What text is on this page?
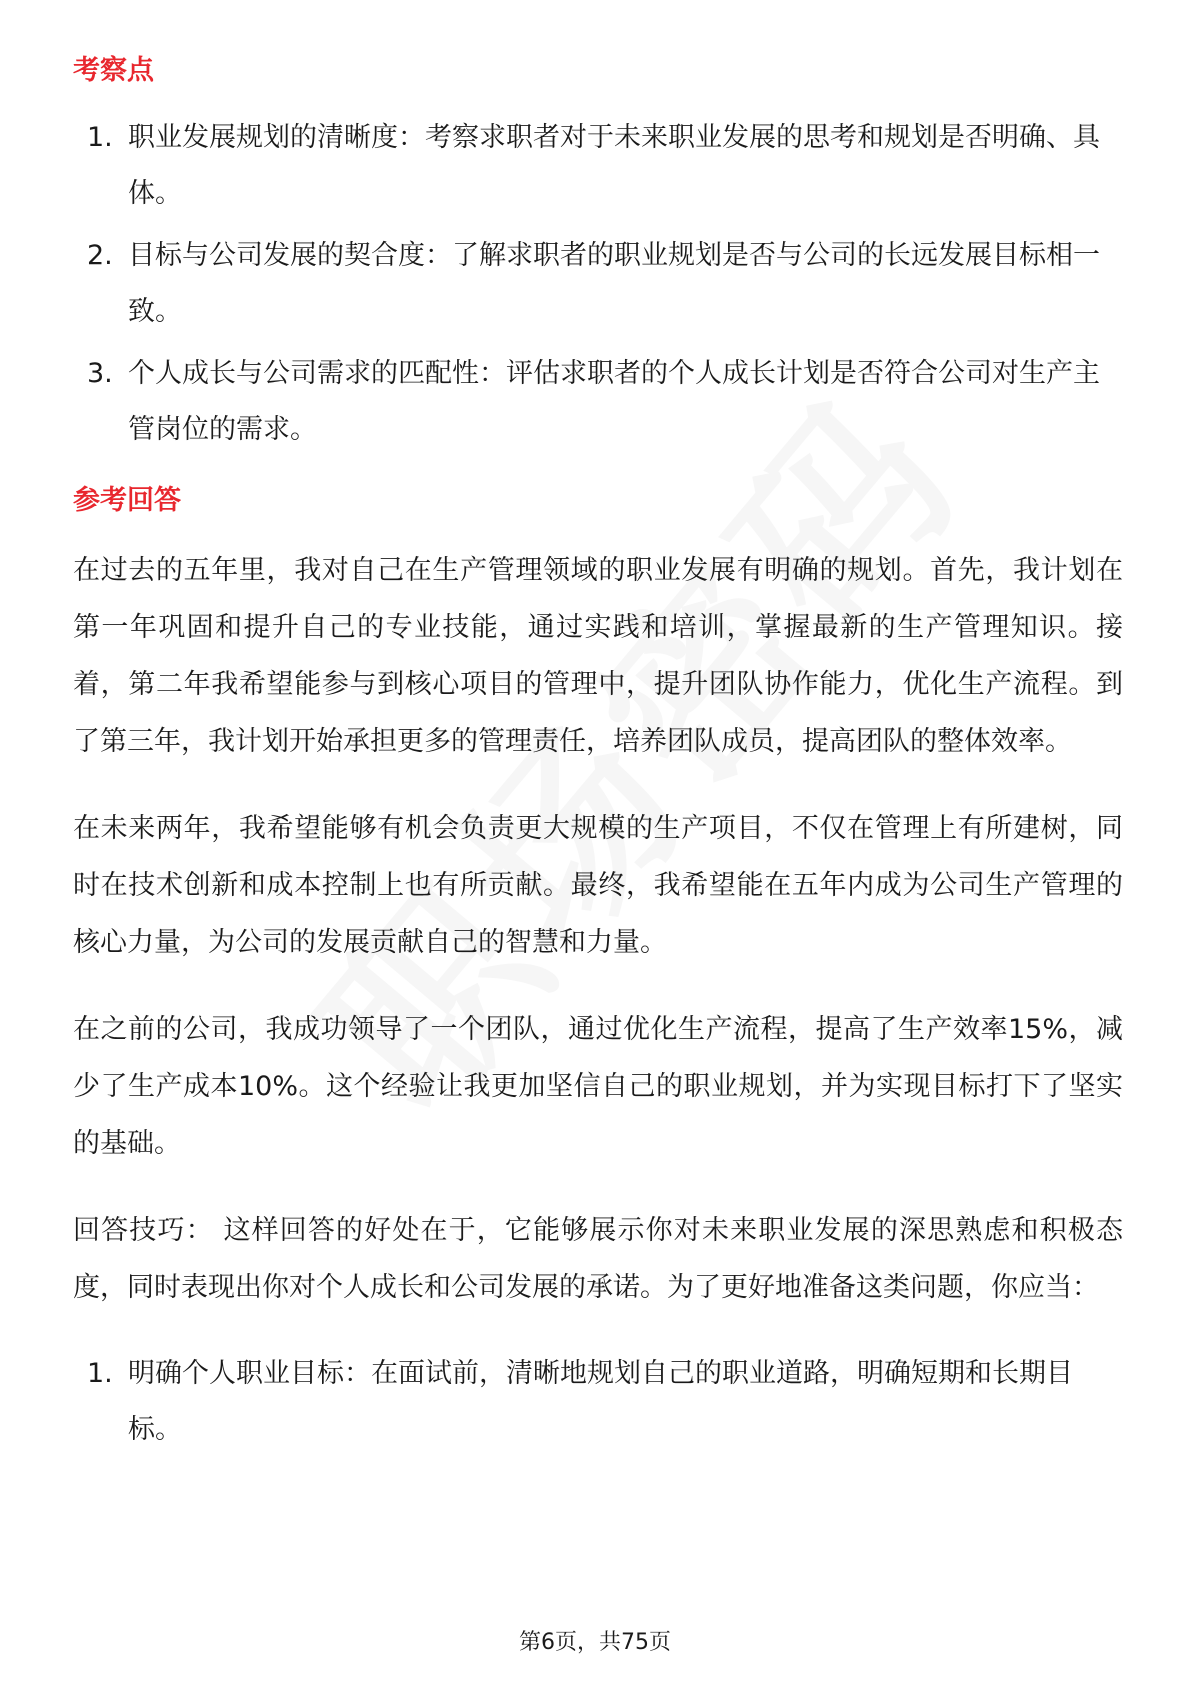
考察点
1. 职业发展规划的清晰度：考察求职者对于未来职业发展的思考和规划是否明确、具体。
2. 目标与公司发展的契合度：了解求职者的职业规划是否与公司的长远发展目标相一致。
3. 个人成长与公司需求的匹配性：评估求职者的个人成长计划是否符合公司对生产主管岗位的需求。
参考回答

在过去的五年里，我对自己在生产管理领域的职业发展有明确的规划。首先，我计划在第一年巩固和提升自己的专业技能，通过实践和培训，掌握最新的生产管理知识。接着，第二年我希望能参与到核心项目的管理中，提升团队协作能力，优化生产流程。到了第三年，我计划开始承担更多的管理责任，培养团队成员，提高团队的整体效率。

在未来两年，我希望能够有机会负责更大规模的生产项目，不仅在管理上有所建树，同时在技术创新和成本控制上也有所贡献。最终，我希望能在五年内成为公司生产管理的核心力量，为公司的发展贡献自己的智慧和力量。

在之前的公司，我成功领导了一个团队，通过优化生产流程，提高了生产效率15%，减少了生产成本10%。这个经验让我更加坚信自己的职业规划，并为实现目标打下了坚实的基础。

回答技巧： 这样回答的好处在于，它能够展示你对未来职业发展的深思熟虑和积极态度，同时表现出你对个人成长和公司发展的承诺。为了更好地准备这类问题，你应当：

1. 明确个人职业目标：在面试前，清晰地规划自己的职业道路，明确短期和长期目标。
第6页，共75页
